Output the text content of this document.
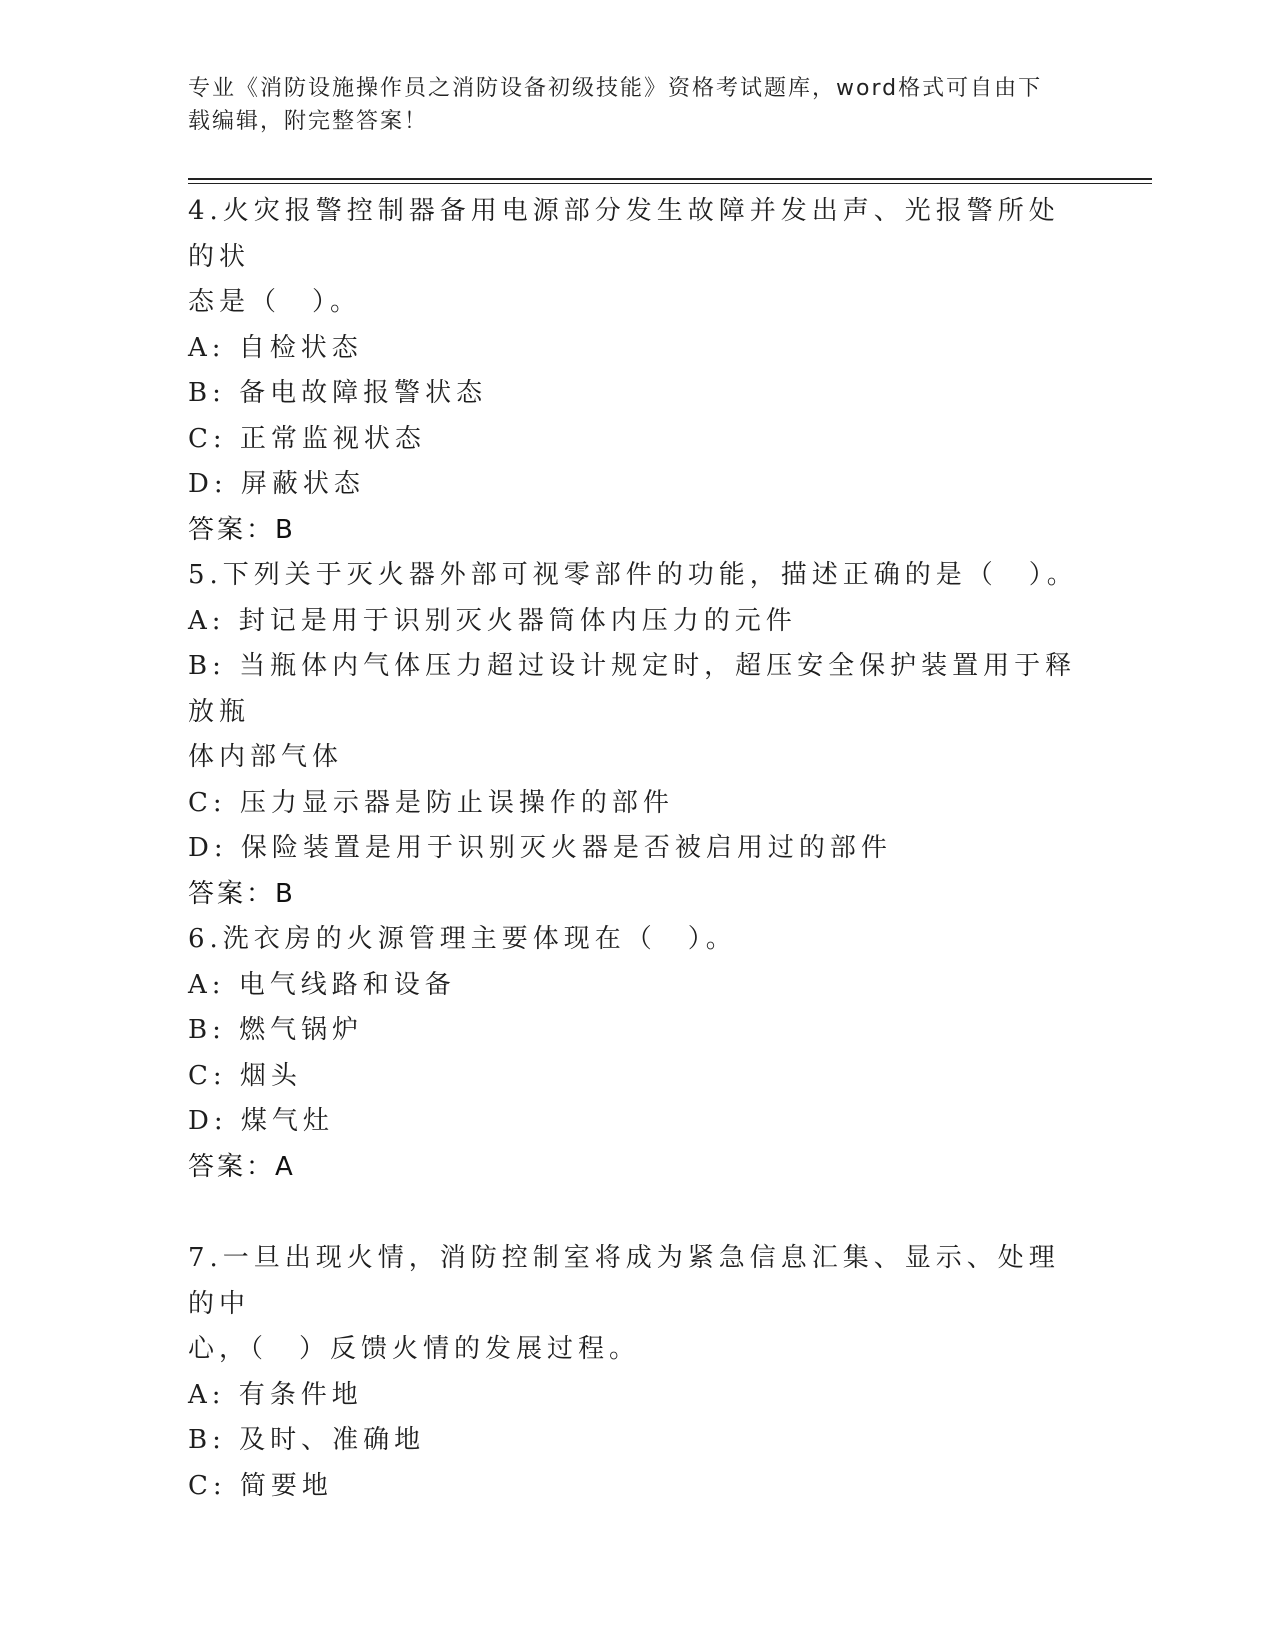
专业《消防设施操作员之消防设备初级技能》资格考试题库，word格式可自由下
载编辑，附完整答案！
4.火灾报警控制器备用电源部分发生故障并发出声、光报警所处的状
态是（　）。
A: 自检状态
B: 备电故障报警状态
C: 正常监视状态
D: 屏蔽状态
答案：B
5.下列关于灭火器外部可视零部件的功能，描述正确的是（　）。
A: 封记是用于识别灭火器筒体内压力的元件
B: 当瓶体内气体压力超过设计规定时，超压安全保护装置用于释放瓶
体内部气体
C: 压力显示器是防止误操作的部件
D: 保险装置是用于识别灭火器是否被启用过的部件
答案：B
6.洗衣房的火源管理主要体现在（　）。
A: 电气线路和设备
B: 燃气锅炉
C: 烟头
D: 煤气灶
答案：A
7.一旦出现火情，消防控制室将成为紧急信息汇集、显示、处理的中
心，（　）反馈火情的发展过程。
A: 有条件地
B: 及时、准确地
C: 简要地
